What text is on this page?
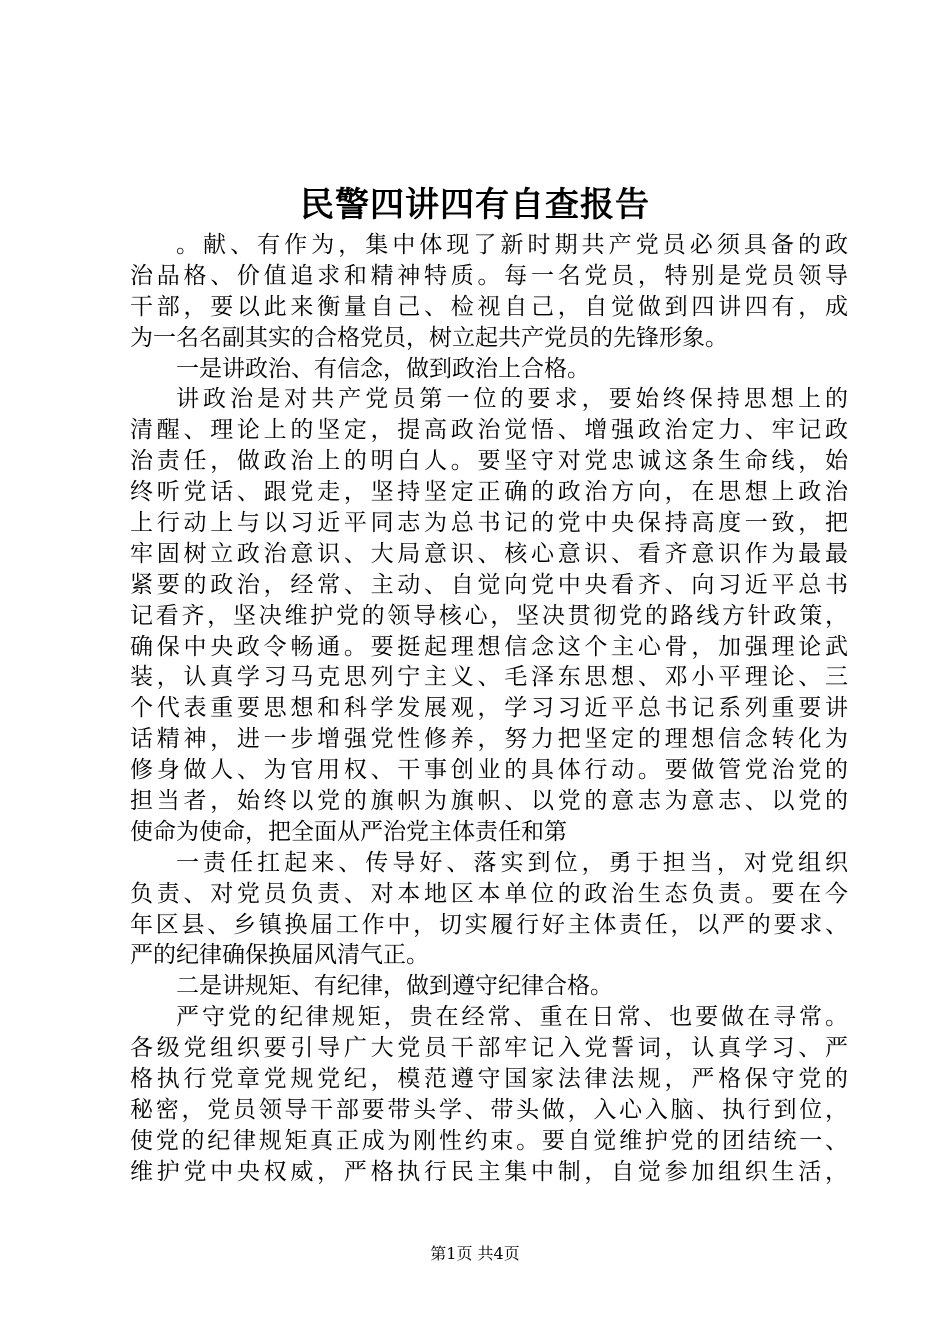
民警四讲四有自查报告
。献、有作为，集中体现了新时期共产党员必须具备的政
治品格、价值追求和精神特质。每一名党员，特别是党员领导
干部，要以此来衡量自己、检视自己，自觉做到四讲四有，成
为一名名副其实的合格党员，树立起共产党员的先锋形象。
一是讲政治、有信念，做到政治上合格。
讲政治是对共产党员第一位的要求，要始终保持思想上的
清醒、理论上的坚定，提高政治觉悟、增强政治定力、牢记政
治责任，做政治上的明白人。要坚守对党忠诚这条生命线，始
终听党话、跟党走，坚持坚定正确的政治方向，在思想上政治
上行动上与以习近平同志为总书记的党中央保持高度一致，把
牢固树立政治意识、大局意识、核心意识、看齐意识作为最最
紧要的政治，经常、主动、自觉向党中央看齐、向习近平总书
记看齐，坚决维护党的领导核心，坚决贯彻党的路线方针政策，
确保中央政令畅通。要挺起理想信念这个主心骨，加强理论武
装，认真学习马克思列宁主义、毛泽东思想、邓小平理论、三
个代表重要思想和科学发展观，学习习近平总书记系列重要讲
话精神，进一步增强党性修养，努力把坚定的理想信念转化为
修身做人、为官用权、干事创业的具体行动。要做管党治党的
担当者，始终以党的旗帜为旗帜、以党的意志为意志、以党的
使命为使命，把全面从严治党主体责任和第
一责任扛起来、传导好、落实到位，勇于担当，对党组织
负责、对党员负责、对本地区本单位的政治生态负责。要在今
年区县、乡镇换届工作中，切实履行好主体责任，以严的要求、
严的纪律确保换届风清气正。
二是讲规矩、有纪律，做到遵守纪律合格。
严守党的纪律规矩，贵在经常、重在日常、也要做在寻常。
各级党组织要引导广大党员干部牢记入党誓词，认真学习、严
格执行党章党规党纪，模范遵守国家法律法规，严格保守党的
秘密，党员领导干部要带头学、带头做，入心入脑、执行到位，
使党的纪律规矩真正成为刚性约束。要自觉维护党的团结统一、
维护党中央权威，严格执行民主集中制，自觉参加组织生活，
第1页 共4页
